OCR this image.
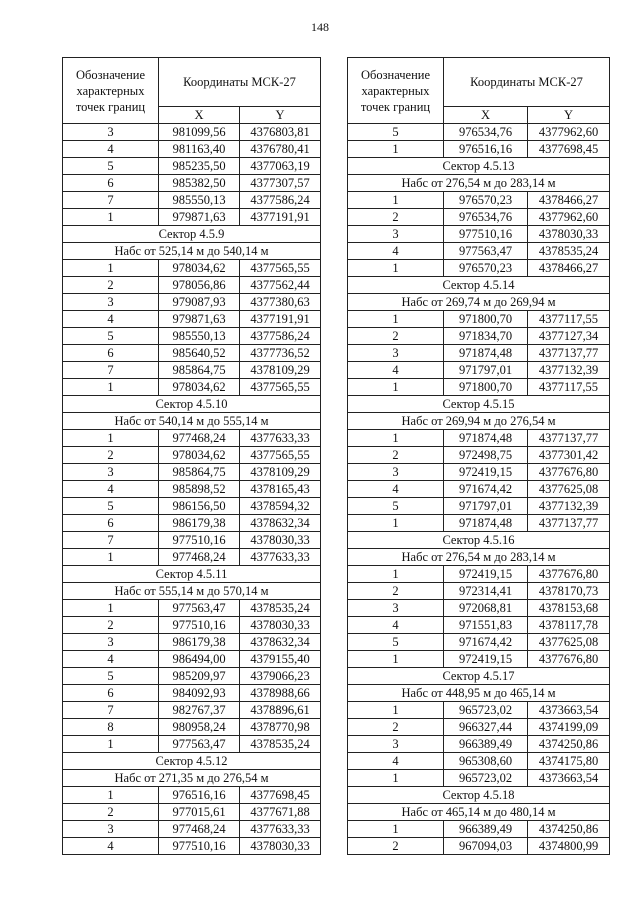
148
Обозначение характерных точек границ	Координаты МСК-27	
	X	Y
3	981099,56	4376803,81
4	981163,40	4376780,41
5	985235,50	4377063,19
6	985382,50	4377307,57
7	985550,13	4377586,24
1	979871,63	4377191,91
Сектор 4.5.9		
Набс от 525,14 м до 540,14 м		
1	978034,62	4377565,55
2	978056,86	4377562,44
3	979087,93	4377380,63
4	979871,63	4377191,91
5	985550,13	4377586,24
6	985640,52	4377736,52
7	985864,75	4378109,29
1	978034,62	4377565,55
Сектор 4.5.10		
Набс от 540,14 м до 555,14 м		
1	977468,24	4377633,33
2	978034,62	4377565,55
3	985864,75	4378109,29
4	985898,52	4378165,43
5	986156,50	4378594,32
6	986179,38	4378632,34
7	977510,16	4378030,33
1	977468,24	4377633,33
Сектор 4.5.11		
Набс от 555,14 м до 570,14 м		
1	977563,47	4378535,24
2	977510,16	4378030,33
3	986179,38	4378632,34
4	986494,00	4379155,40
5	985209,97	4379066,23
6	984092,93	4378988,66
7	982767,37	4378896,61
8	980958,24	4378770,98
1	977563,47	4378535,24
Сектор 4.5.12		
Набс от 271,35 м до 276,54 м		
1	976516,16	4377698,45
2	977015,61	4377671,88
3	977468,24	4377633,33
4	977510,16	4378030,33
Обозначение характерных точек границ	Координаты МСК-27	
	X	Y
5	976534,76	4377962,60
1	976516,16	4377698,45
Сектор 4.5.13		
Набс от 276,54 м до 283,14 м		
1	976570,23	4378466,27
2	976534,76	4377962,60
3	977510,16	4378030,33
4	977563,47	4378535,24
1	976570,23	4378466,27
Сектор 4.5.14		
Набс от 269,74 м до 269,94 м		
1	971800,70	4377117,55
2	971834,70	4377127,34
3	971874,48	4377137,77
4	971797,01	4377132,39
1	971800,70	4377117,55
Сектор 4.5.15		
Набс от 269,94 м до 276,54 м		
1	971874,48	4377137,77
2	972498,75	4377301,42
3	972419,15	4377676,80
4	971674,42	4377625,08
5	971797,01	4377132,39
1	971874,48	4377137,77
Сектор 4.5.16		
Набс от 276,54 м до 283,14 м		
1	972419,15	4377676,80
2	972314,41	4378170,73
3	972068,81	4378153,68
4	971551,83	4378117,78
5	971674,42	4377625,08
1	972419,15	4377676,80
Сектор 4.5.17		
Набс от 448,95 м до 465,14 м		
1	965723,02	4373663,54
2	966327,44	4374199,09
3	966389,49	4374250,86
4	965308,60	4374175,80
1	965723,02	4373663,54
Сектор 4.5.18		
Набс от 465,14 м до 480,14 м		
1	966389,49	4374250,86
2	967094,03	4374800,99
